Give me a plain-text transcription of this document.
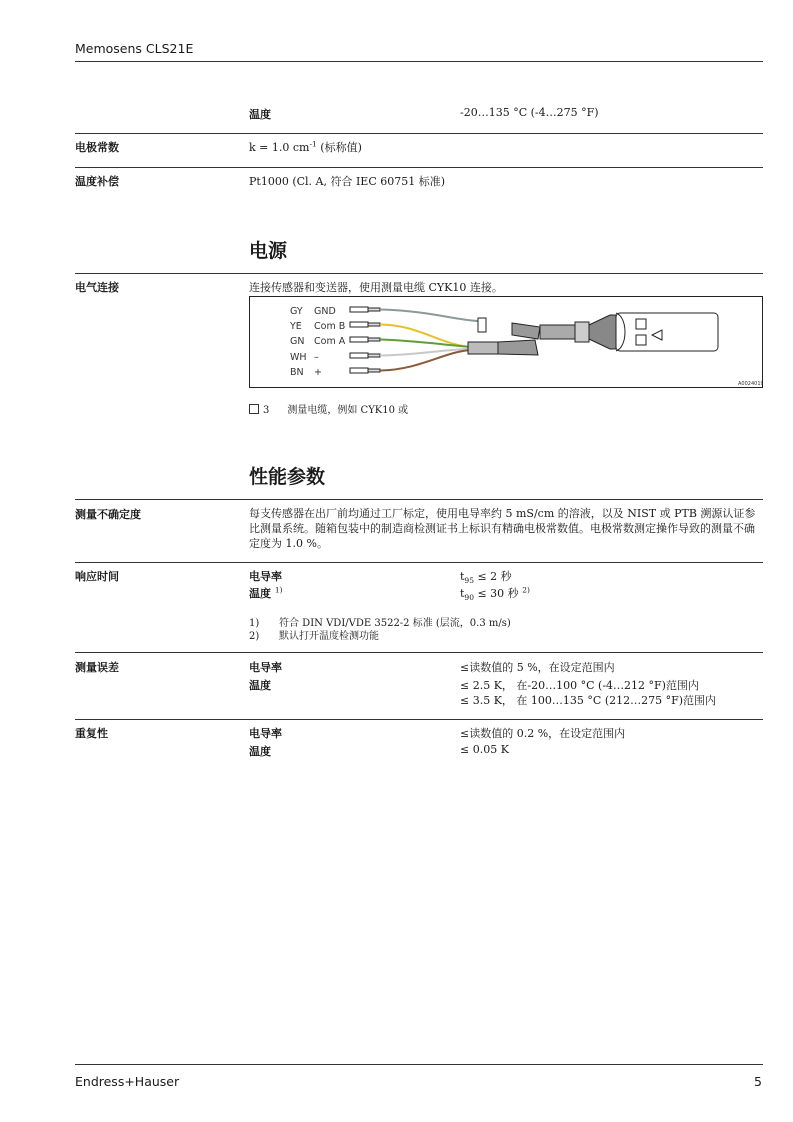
Memosens CLS21E
温度	-20…135 °C (-4…275 °F)
电极常数	k = 1.0 $cm^{-1}$ (标称值)
温度补偿	Pt1000 (Cl. A, 符合 IEC 60751 标准)
电源
电气连接	连接传感器和变送器，使用测量电缆 CYK10 连接。
GY GND
YE Com B
GN Com A
WH –
BN +
A0024019
3 测量电缆，例如 CYK10 或
性能参数
测量不确定度	每支传感器在出厂前均通过工厂标定，使用电导率约 5 mS/cm 的溶液，以及 NIST 或 PTB 溯源认证参比测量系统。随箱包装中的制造商检测证书上标识有精确电极常数值。电极常数测定操作导致的测量不确定度为 1.0 %。
响应时间	电导率	$t_{95} \le 2$ 秒
温度 $^{1)}$	$t_{90} \le 30$ 秒 $^{2)}$
1) 符合 DIN VDI/VDE 3522-2 标准 (层流，0.3 m/s)
2) 默认打开温度检测功能
测量误差	电导率	≤读数值的 5 %，在设定范围内
温度	≤ 2.5 K， 在-20…100 °C (-4…212 °F)范围内
≤ 3.5 K， 在 100…135 °C (212…275 °F)范围内
重复性	电导率	≤读数值的 0.2 %，在设定范围内
温度	≤ 0.05 K
Endress+Hauser	5
